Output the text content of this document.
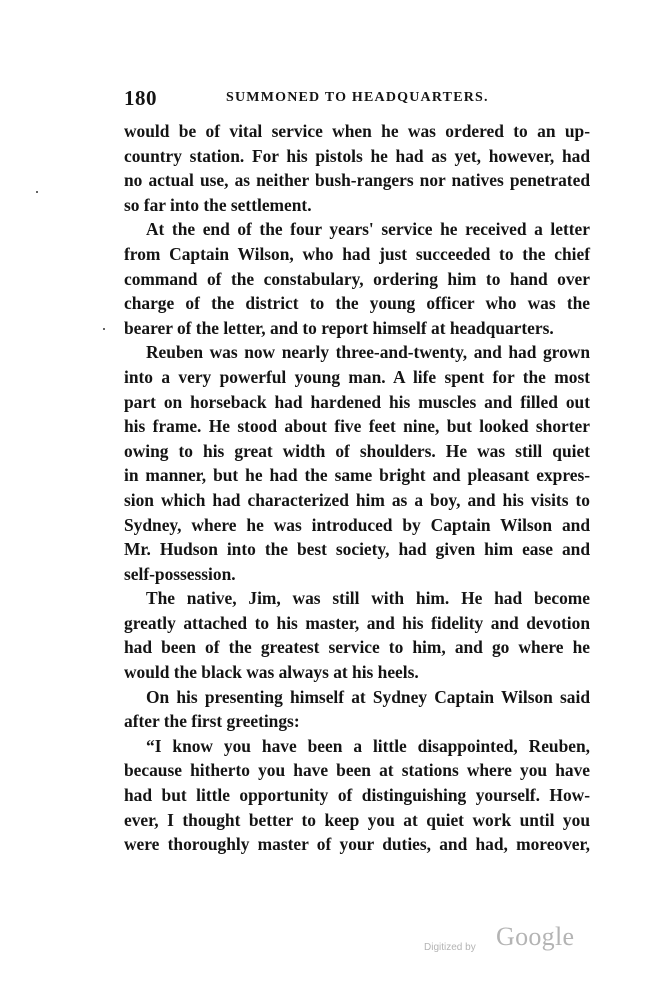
180	SUMMONED TO HEADQUARTERS.
would be of vital service when he was ordered to an up-
country station. For his pistols he had as yet, however, had
no actual use, as neither bush-rangers nor natives penetrated
so far into the settlement.
At the end of the four years' service he received a letter
from Captain Wilson, who had just succeeded to the chief
command of the constabulary, ordering him to hand over
charge of the district to the young officer who was the
bearer of the letter, and to report himself at headquarters.
Reuben was now nearly three-and-twenty, and had grown
into a very powerful young man. A life spent for the most
part on horseback had hardened his muscles and filled out
his frame. He stood about five feet nine, but looked shorter
owing to his great width of shoulders. He was still quiet
in manner, but he had the same bright and pleasant expres-
sion which had characterized him as a boy, and his visits to
Sydney, where he was introduced by Captain Wilson and
Mr. Hudson into the best society, had given him ease and
self-possession.
The native, Jim, was still with him. He had become
greatly attached to his master, and his fidelity and devotion
had been of the greatest service to him, and go where he
would the black was always at his heels.
On his presenting himself at Sydney Captain Wilson said
after the first greetings:
“I know you have been a little disappointed, Reuben,
because hitherto you have been at stations where you have
had but little opportunity of distinguishing yourself. How-
ever, I thought better to keep you at quiet work until you
were thoroughly master of your duties, and had, moreover,
Digitized by Google
